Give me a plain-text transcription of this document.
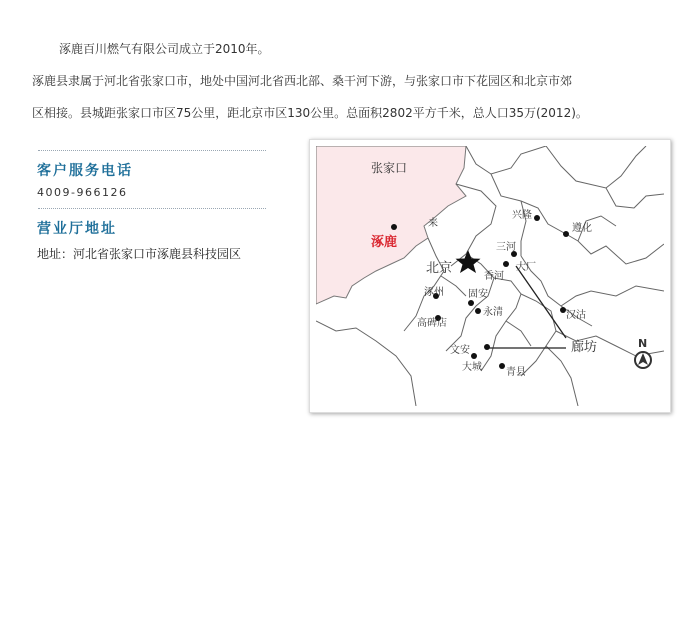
涿鹿百川燃气有限公司成立于2010年。

涿鹿县隶属于河北省张家口市，地处中国河北省西北部、桑干河下游，与张家口市下花园区和北京市郊

区相接。县城距张家口市区75公里，距北京市区130公里。总面积2802平方千米，总人口35万(2012)。

客户服务电话
4009-966126
营业厅地址
地址：河北省张家口市涿鹿县科技园区
张家口
涿鹿
来
北京
兴隆
遵化
三河
大厂
香河
涿州 固安
高碑店
永清
文安
大城 青县
廊坊
汉沽
N
